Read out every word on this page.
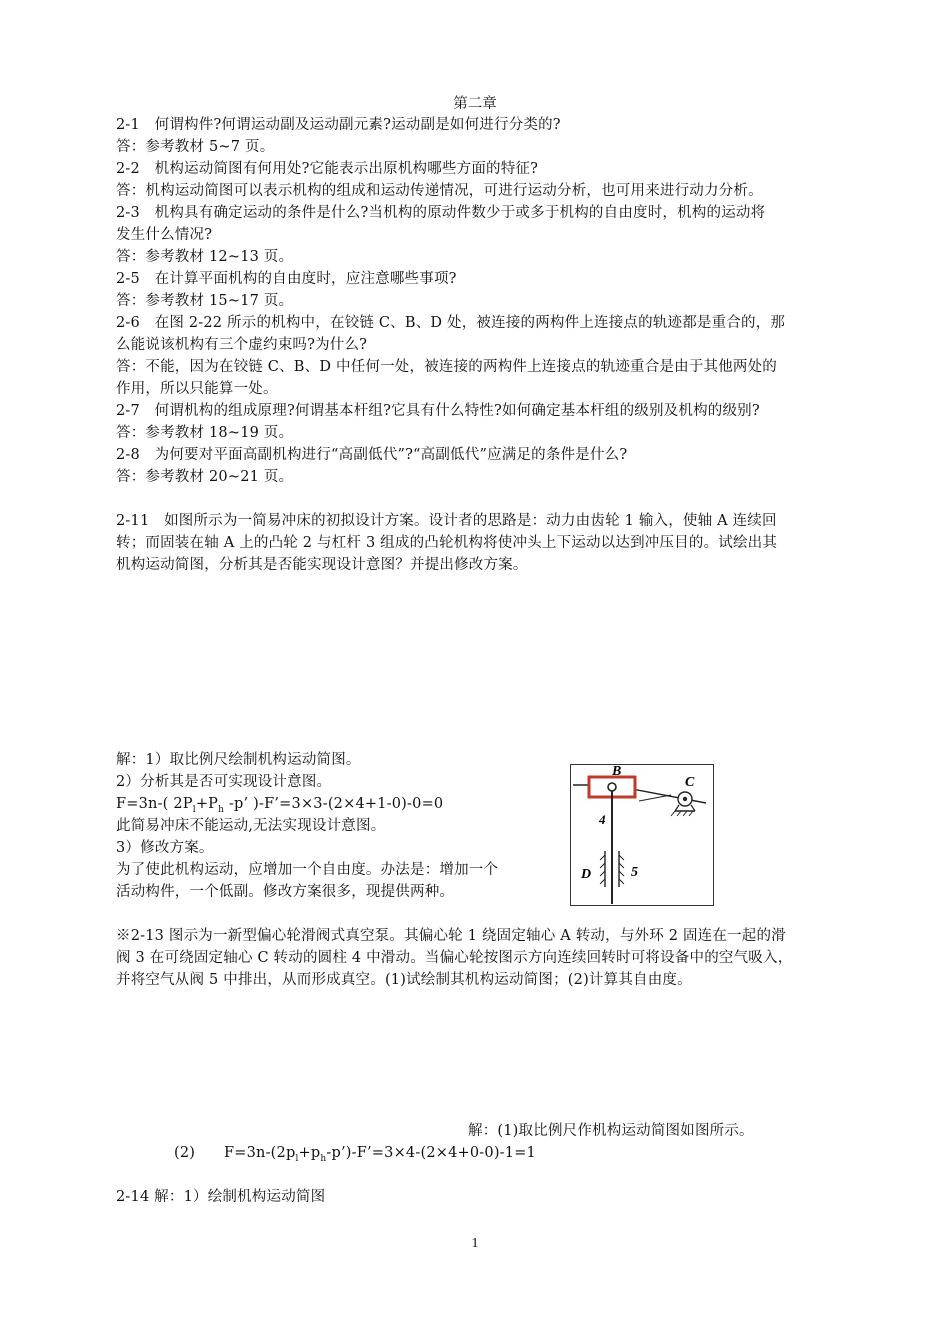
第二章
2-1　何谓构件?何谓运动副及运动副元素?运动副是如何进行分类的?
答：参考教材 5~7 页。
2-2　机构运动简图有何用处?它能表示出原机构哪些方面的特征?
答：机构运动简图可以表示机构的组成和运动传递情况，可进行运动分析，也可用来进行动力分析。
2-3　机构具有确定运动的条件是什么?当机构的原动件数少于或多于机构的自由度时，机构的运动将
发生什么情况?
答：参考教材 12~13 页。
2-5　在计算平面机构的自由度时，应注意哪些事项?
答：参考教材 15~17 页。
2-6　在图 2-22 所示的机构中，在铰链 C、B、D 处，被连接的两构件上连接点的轨迹都是重合的，那
么能说该机构有三个虚约束吗?为什么?
答：不能，因为在铰链 C、B、D 中任何一处，被连接的两构件上连接点的轨迹重合是由于其他两处的
作用，所以只能算一处。
2-7　何谓机构的组成原理?何谓基本杆组?它具有什么特性?如何确定基本杆组的级别及机构的级别?
答：参考教材 18~19 页。
2-8　为何要对平面高副机构进行“高副低代”?“高副低代”应满足的条件是什么?
答：参考教材 20~21 页。
2-11　如图所示为一简易冲床的初拟设计方案。设计者的思路是：动力由齿轮 1 输入，使轴 A 连续回
转；而固装在轴 A 上的凸轮 2 与杠杆 3 组成的凸轮机构将使冲头上下运动以达到冲压目的。试绘出其
机构运动简图，分析其是否能实现设计意图？并提出修改方案。
解：1）取比例尺绘制机构运动简图。
2）分析其是否可实现设计意图。
F=3n-( $2P_l+P_h$ -p’ )-F’=3×3-(2×4+1-0)-0=0
此简易冲床不能运动,无法实现设计意图。
3）修改方案。
为了使此机构运动，应增加一个自由度。办法是：增加一个
活动构件，一个低副。修改方案很多，现提供两种。
B
C
4
D	5
※2-13 图示为一新型偏心轮滑阀式真空泵。其偏心轮 1 绕固定轴心 A 转动，与外环 2 固连在一起的滑
阀 3 在可绕固定轴心 C 转动的圆柱 4 中滑动。当偏心轮按图示方向连续回转时可将设备中的空气吸入，
并将空气从阀 5 中排出，从而形成真空。(1)试绘制其机构运动简图；(2)计算其自由度。
解：(1)取比例尺作机构运动简图如图所示。
(2) $F=3n-(2p_l+p_h-p’)-F’=3\times 4-(2\times 4+0-0)-1=1$
2-14 解：1）绘制机构运动简图
1
